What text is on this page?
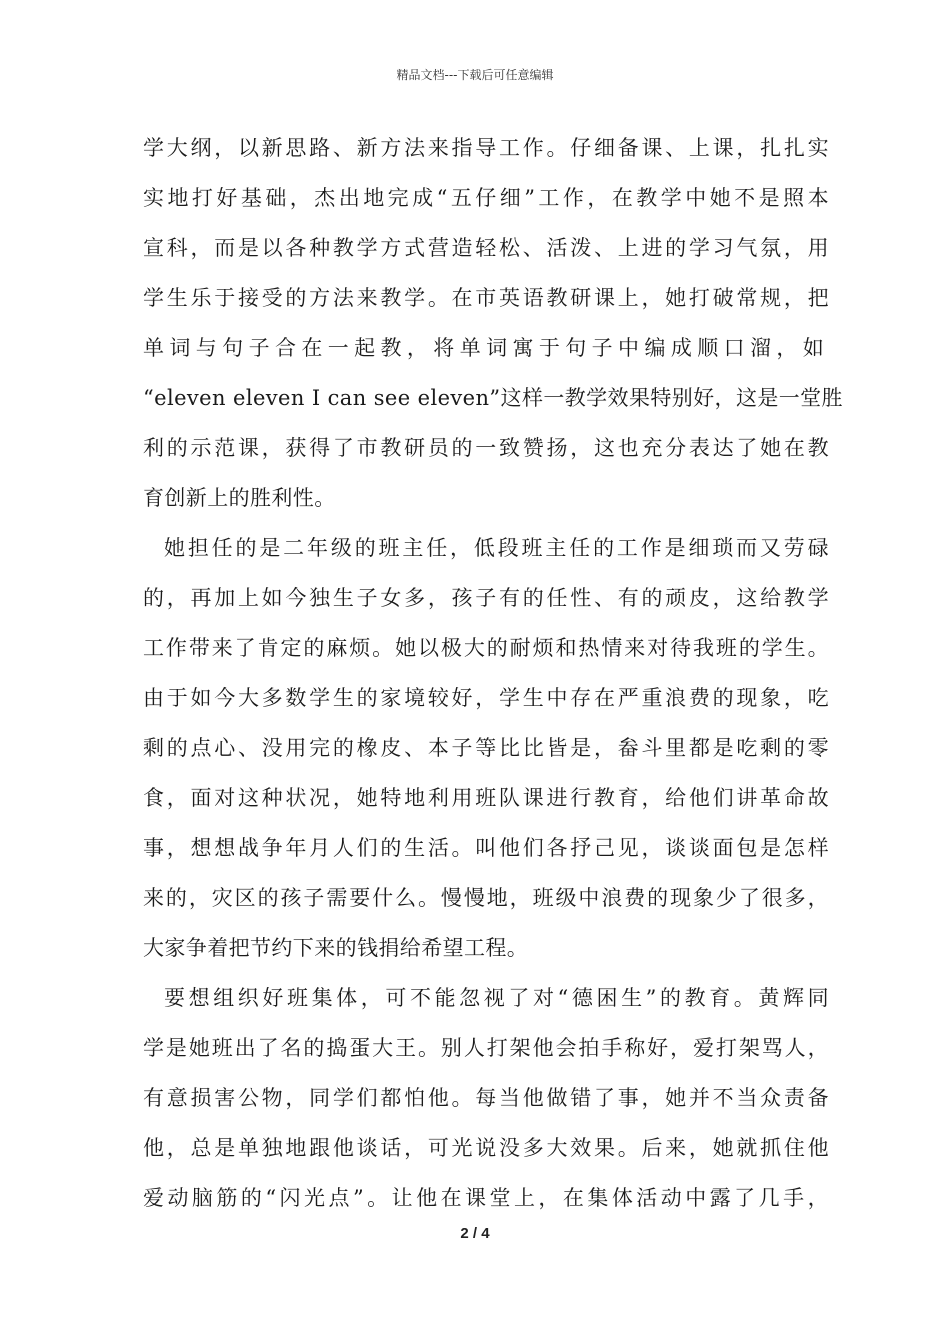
精品文档---下载后可任意编辑
学大纲，以新思路、新方法来指导工作。仔细备课、上课，扎扎实
实地打好基础，杰出地完成“五仔细”工作，在教学中她不是照本
宣科，而是以各种教学方式营造轻松、活泼、上进的学习气氛，用
学生乐于接受的方法来教学。在市英语教研课上，她打破常规，把
单词与句子合在一起教，将单词寓于句子中编成顺口溜，如
“eleven eleven I can see eleven”这样一教学效果特别好，这是一堂胜
利的示范课，获得了市教研员的一致赞扬，这也充分表达了她在教
育创新上的胜利性。
她担任的是二年级的班主任，低段班主任的工作是细琐而又劳碌
的，再加上如今独生子女多，孩子有的任性、有的顽皮，这给教学
工作带来了肯定的麻烦。她以极大的耐烦和热情来对待我班的学生。
由于如今大多数学生的家境较好，学生中存在严重浪费的现象，吃
剩的点心、没用完的橡皮、本子等比比皆是，畚斗里都是吃剩的零
食，面对这种状况，她特地利用班队课进行教育，给他们讲革命故
事，想想战争年月人们的生活。叫他们各抒己见，谈谈面包是怎样
来的，灾区的孩子需要什么。慢慢地，班级中浪费的现象少了很多，
大家争着把节约下来的钱捐给希望工程。
要想组织好班集体，可不能忽视了对“德困生”的教育。黄辉同
学是她班出了名的捣蛋大王。别人打架他会拍手称好，爱打架骂人，
有意损害公物，同学们都怕他。每当他做错了事，她并不当众责备
他，总是单独地跟他谈话，可光说没多大效果。后来，她就抓住他
爱动脑筋的“闪光点”。让他在课堂上，在集体活动中露了几手，
2 / 4
